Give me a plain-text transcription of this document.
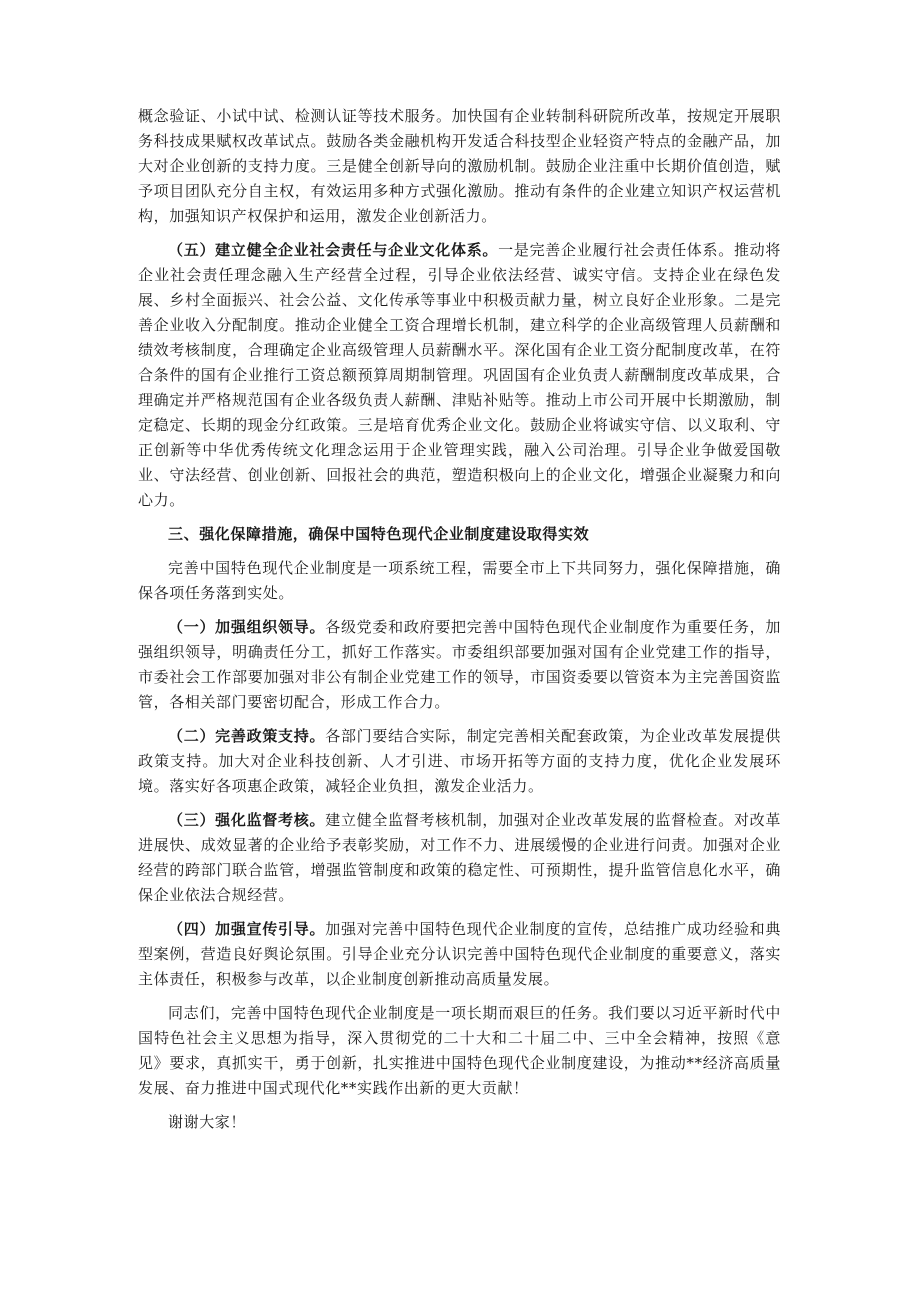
概念验证、小试中试、检测认证等技术服务。加快国有企业转制科研院所改革，按规定开展职务科技成果赋权改革试点。鼓励各类金融机构开发适合科技型企业轻资产特点的金融产品，加大对企业创新的支持力度。三是健全创新导向的激励机制。鼓励企业注重中长期价值创造，赋予项目团队充分自主权，有效运用多种方式强化激励。推动有条件的企业建立知识产权运营机构，加强知识产权保护和运用，激发企业创新活力。

（五）建立健全企业社会责任与企业文化体系。一是完善企业履行社会责任体系。推动将企业社会责任理念融入生产经营全过程，引导企业依法经营、诚实守信。支持企业在绿色发展、乡村全面振兴、社会公益、文化传承等事业中积极贡献力量，树立良好企业形象。二是完善企业收入分配制度。推动企业健全工资合理增长机制，建立科学的企业高级管理人员薪酬和绩效考核制度，合理确定企业高级管理人员薪酬水平。深化国有企业工资分配制度改革，在符合条件的国有企业推行工资总额预算周期制管理。巩固国有企业负责人薪酬制度改革成果，合理确定并严格规范国有企业各级负责人薪酬、津贴补贴等。推动上市公司开展中长期激励，制定稳定、长期的现金分红政策。三是培育优秀企业文化。鼓励企业将诚实守信、以义取利、守正创新等中华优秀传统文化理念运用于企业管理实践，融入公司治理。引导企业争做爱国敬业、守法经营、创业创新、回报社会的典范，塑造积极向上的企业文化，增强企业凝聚力和向心力。

三、强化保障措施，确保中国特色现代企业制度建设取得实效

完善中国特色现代企业制度是一项系统工程，需要全市上下共同努力，强化保障措施，确保各项任务落到实处。

（一）加强组织领导。各级党委和政府要把完善中国特色现代企业制度作为重要任务，加强组织领导，明确责任分工，抓好工作落实。市委组织部要加强对国有企业党建工作的指导，市委社会工作部要加强对非公有制企业党建工作的领导，市国资委要以管资本为主完善国资监管，各相关部门要密切配合，形成工作合力。

（二）完善政策支持。各部门要结合实际，制定完善相关配套政策，为企业改革发展提供政策支持。加大对企业科技创新、人才引进、市场开拓等方面的支持力度，优化企业发展环境。落实好各项惠企政策，减轻企业负担，激发企业活力。

（三）强化监督考核。建立健全监督考核机制，加强对企业改革发展的监督检查。对改革进展快、成效显著的企业给予表彰奖励，对工作不力、进展缓慢的企业进行问责。加强对企业经营的跨部门联合监管，增强监管制度和政策的稳定性、可预期性，提升监管信息化水平，确保企业依法合规经营。

（四）加强宣传引导。加强对完善中国特色现代企业制度的宣传，总结推广成功经验和典型案例，营造良好舆论氛围。引导企业充分认识完善中国特色现代企业制度的重要意义，落实主体责任，积极参与改革，以企业制度创新推动高质量发展。

同志们，完善中国特色现代企业制度是一项长期而艰巨的任务。我们要以习近平新时代中国特色社会主义思想为指导，深入贯彻党的二十大和二十届二中、三中全会精神，按照《意见》要求，真抓实干，勇于创新，扎实推进中国特色现代企业制度建设，为推动**经济高质量发展、奋力推进中国式现代化**实践作出新的更大贡献！

谢谢大家！
